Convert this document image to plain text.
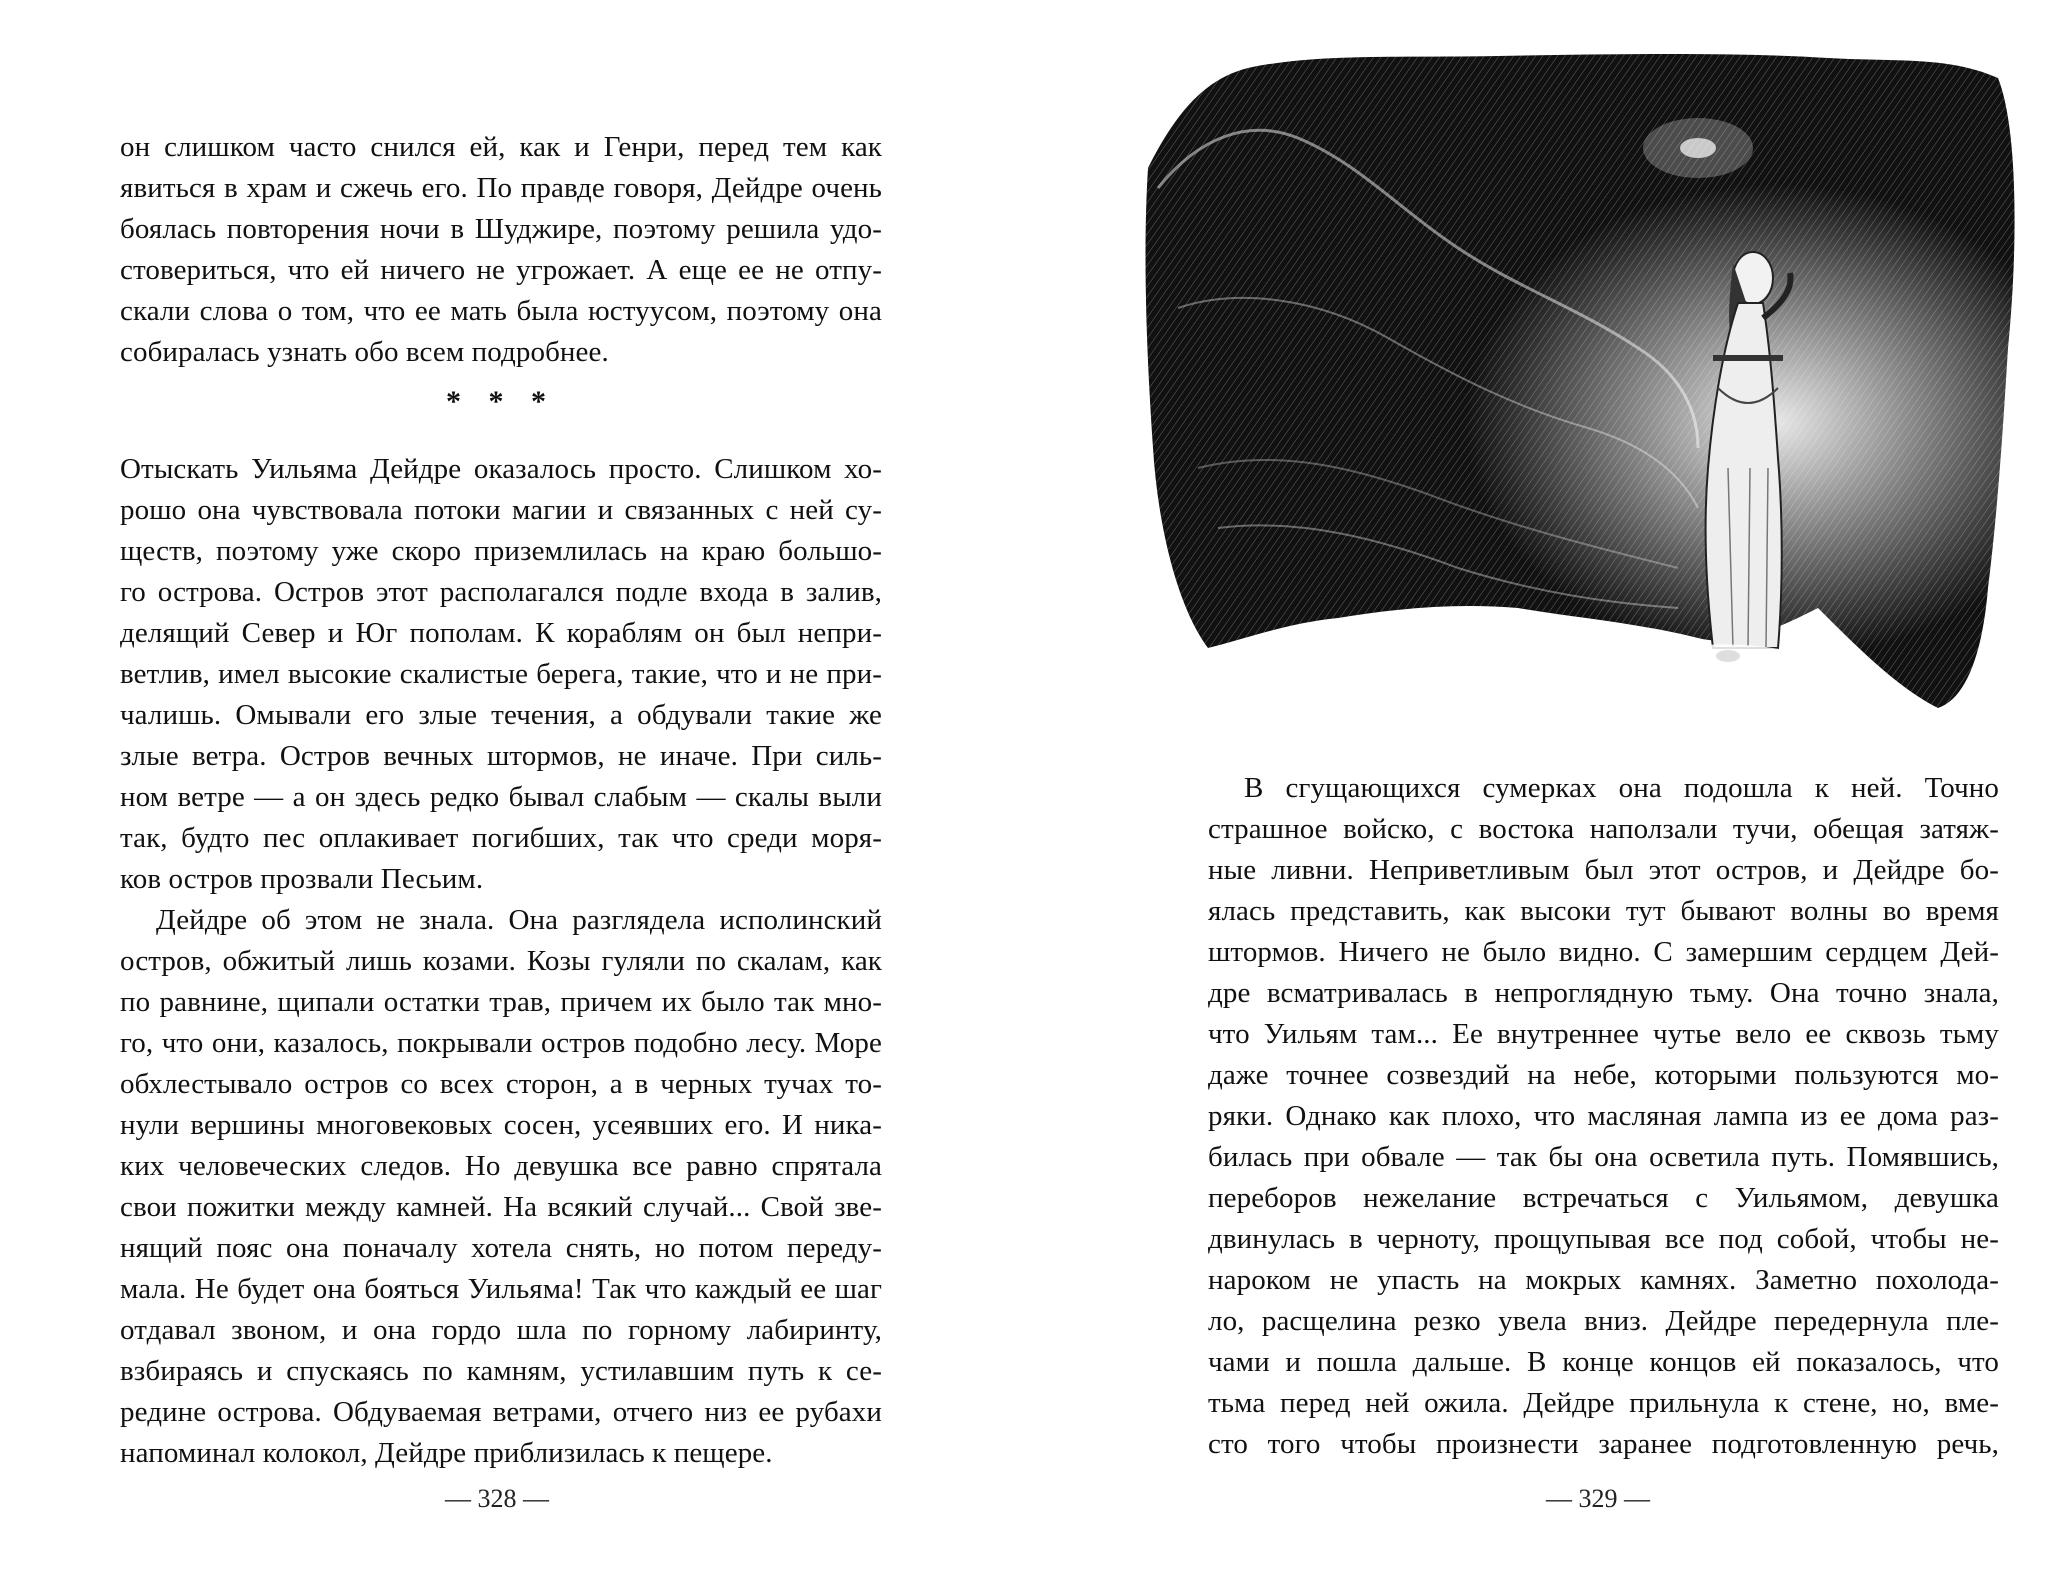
он слишком часто снился ей, как и Генри, перед тем как
явиться в храм и сжечь его. По правде говоря, Дейдре очень
боялась повторения ночи в Шуджире, поэтому решила удо-
стовериться, что ей ничего не угрожает. А еще ее не отпу-
скали слова о том, что ее мать была юстуусом, поэтому она
собиралась узнать обо всем подробнее.
* * *
Отыскать Уильяма Дейдре оказалось просто. Слишком хо-
рошо она чувствовала потоки магии и связанных с ней су-
ществ, поэтому уже скоро приземлилась на краю большо-
го острова. Остров этот располагался подле входа в залив,
делящий Север и Юг пополам. К кораблям он был непри-
ветлив, имел высокие скалистые берега, такие, что и не при-
чалишь. Омывали его злые течения, а обдували такие же
злые ветра. Остров вечных штормов, не иначе. При силь-
ном ветре — а он здесь редко бывал слабым — скалы выли
так, будто пес оплакивает погибших, так что среди моря-
ков остров прозвали Песьим.
Дейдре об этом не знала. Она разглядела исполинский
остров, обжитый лишь козами. Козы гуляли по скалам, как
по равнине, щипали остатки трав, причем их было так мно-
го, что они, казалось, покрывали остров подобно лесу. Море
обхлестывало остров со всех сторон, а в черных тучах то-
нули вершины многовековых сосен, усеявших его. И ника-
ких человеческих следов. Но девушка все равно спрятала
свои пожитки между камней. На всякий случай... Свой зве-
нящий пояс она поначалу хотела снять, но потом переду-
мала. Не будет она бояться Уильяма! Так что каждый ее шаг
отдавал звоном, и она гордо шла по горному лабиринту,
взбираясь и спускаясь по камням, устилавшим путь к се-
редине острова. Обдуваемая ветрами, отчего низ ее рубахи
напоминал колокол, Дейдре приблизилась к пещере.
— 328 —
В сгущающихся сумерках она подошла к ней. Точно
страшное войско, с востока наползали тучи, обещая затяж-
ные ливни. Неприветливым был этот остров, и Дейдре бо-
ялась представить, как высоки тут бывают волны во время
штормов. Ничего не было видно. С замершим сердцем Дей-
дре всматривалась в непроглядную тьму. Она точно знала,
что Уильям там... Ее внутреннее чутье вело ее сквозь тьму
даже точнее созвездий на небе, которыми пользуются мо-
ряки. Однако как плохо, что масляная лампа из ее дома раз-
билась при обвале — так бы она осветила путь. Помявшись,
переборов нежелание встречаться с Уильямом, девушка
двинулась в черноту, прощупывая все под собой, чтобы не-
нароком не упасть на мокрых камнях. Заметно похолода-
ло, расщелина резко увела вниз. Дейдре передернула пле-
чами и пошла дальше. В конце концов ей показалось, что
тьма перед ней ожила. Дейдре прильнула к стене, но, вме-
сто того чтобы произнести заранее подготовленную речь,
— 329 —
